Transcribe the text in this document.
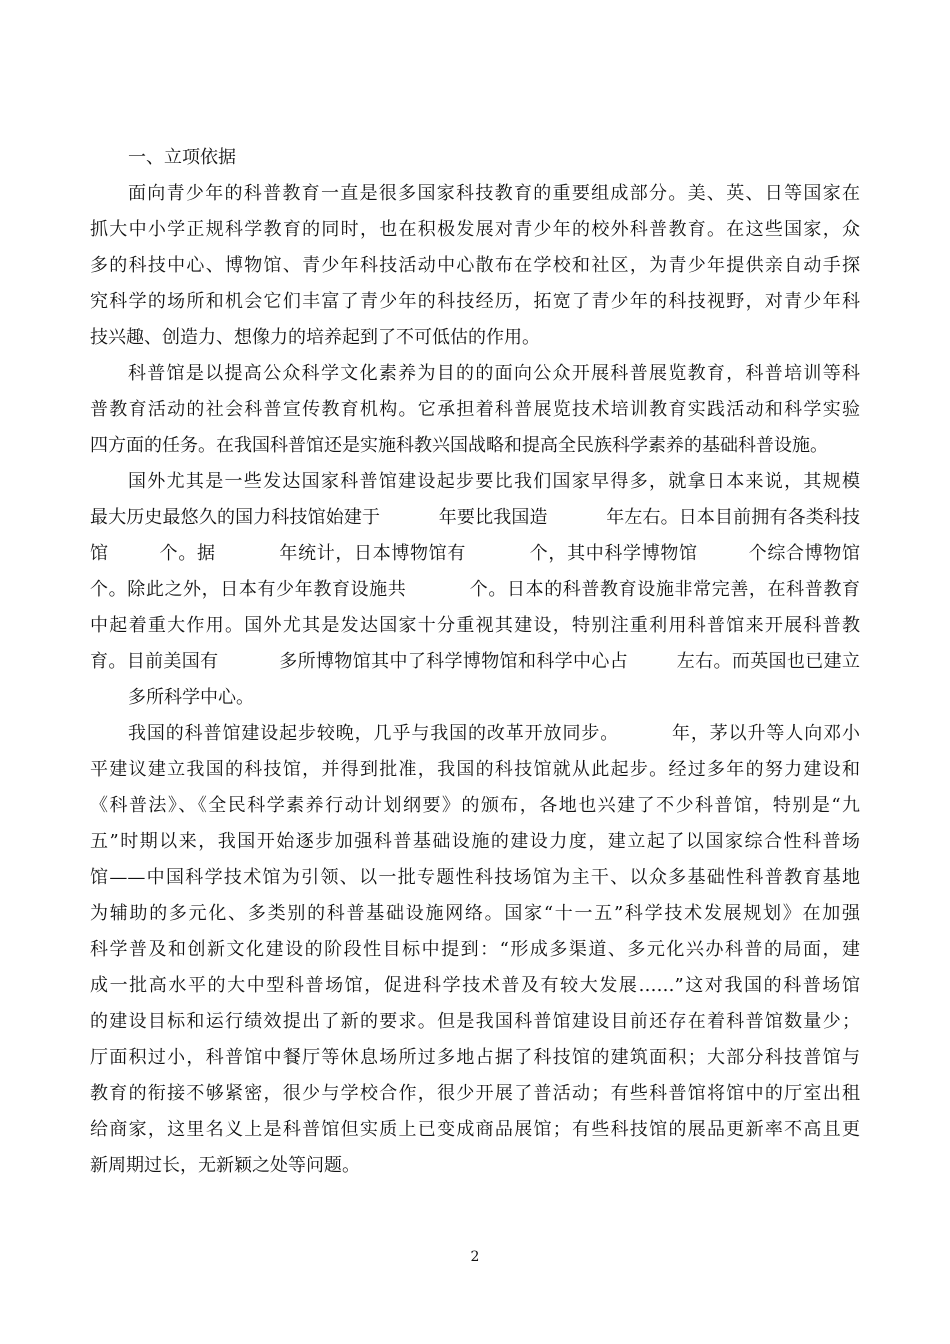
一、立项依据

面向青少年的科普教育一直是很多国家科技教育的重要组成部分。美、英、日等国家在

抓大中小学正规科学教育的同时，也在积极发展对青少年的校外科普教育。在这些国家，众

多的科技中心、博物馆、青少年科技活动中心散布在学校和社区，为青少年提供亲自动手探

究科学的场所和机会它们丰富了青少年的科技经历，拓宽了青少年的科技视野，对青少年科

技兴趣、创造力、想像力的培养起到了不可低估的作用。

科普馆是以提高公众科学文化素养为目的的面向公众开展科普展览教育，科普培训等科

普教育活动的社会科普宣传教育机构。它承担着科普展览技术培训教育实践活动和科学实验

四方面的任务。在我国科普馆还是实施科教兴国战略和提高全民族科学素养的基础科普设施。

国外尤其是一些发达国家科普馆建设起步要比我们国家早得多，就拿日本来说，其规模

最大历史最悠久的国力科技馆始建于          年要比我国造          年左右。日本目前拥有各类科技

馆        个。据          年统计，日本博物馆有          个，其中科学博物馆        个综合博物馆

个。除此之外，日本有少年教育设施共          个。日本的科普教育设施非常完善，在科普教育

中起着重大作用。国外尤其是发达国家十分重视其建设，特别注重利用科普馆来开展科普教

育。目前美国有          多所博物馆其中了科学博物馆和科学中心占        左右。而英国也已建立

多所科学中心。

我国的科普馆建设起步较晚，几乎与我国的改革开放同步。        年，茅以升等人向邓小

平建议建立我国的科技馆，并得到批准，我国的科技馆就从此起步。经过多年的努力建设和

《科普法》、《全民科学素养行动计划纲要》的颁布，各地也兴建了不少科普馆，特别是“九

五”时期以来，我国开始逐步加强科普基础设施的建设力度，建立起了以国家综合性科普场

馆——中国科学技术馆为引领、以一批专题性科技场馆为主干、以众多基础性科普教育基地

为辅助的多元化、多类别的科普基础设施网络。国家“十一五”科学技术发展规划》在加强

科学普及和创新文化建设的阶段性目标中提到：“形成多渠道、多元化兴办科普的局面，建

成一批高水平的大中型科普场馆，促进科学技术普及有较大发展……”这对我国的科普场馆

的建设目标和运行绩效提出了新的要求。但是我国科普馆建设目前还存在着科普馆数量少；

厅面积过小，科普馆中餐厅等休息场所过多地占据了科技馆的建筑面积；大部分科技普馆与

教育的衔接不够紧密，很少与学校合作，很少开展了普活动；有些科普馆将馆中的厅室出租

给商家，这里名义上是科普馆但实质上已变成商品展馆；有些科技馆的展品更新率不高且更

新周期过长，无新颖之处等问题。

2
